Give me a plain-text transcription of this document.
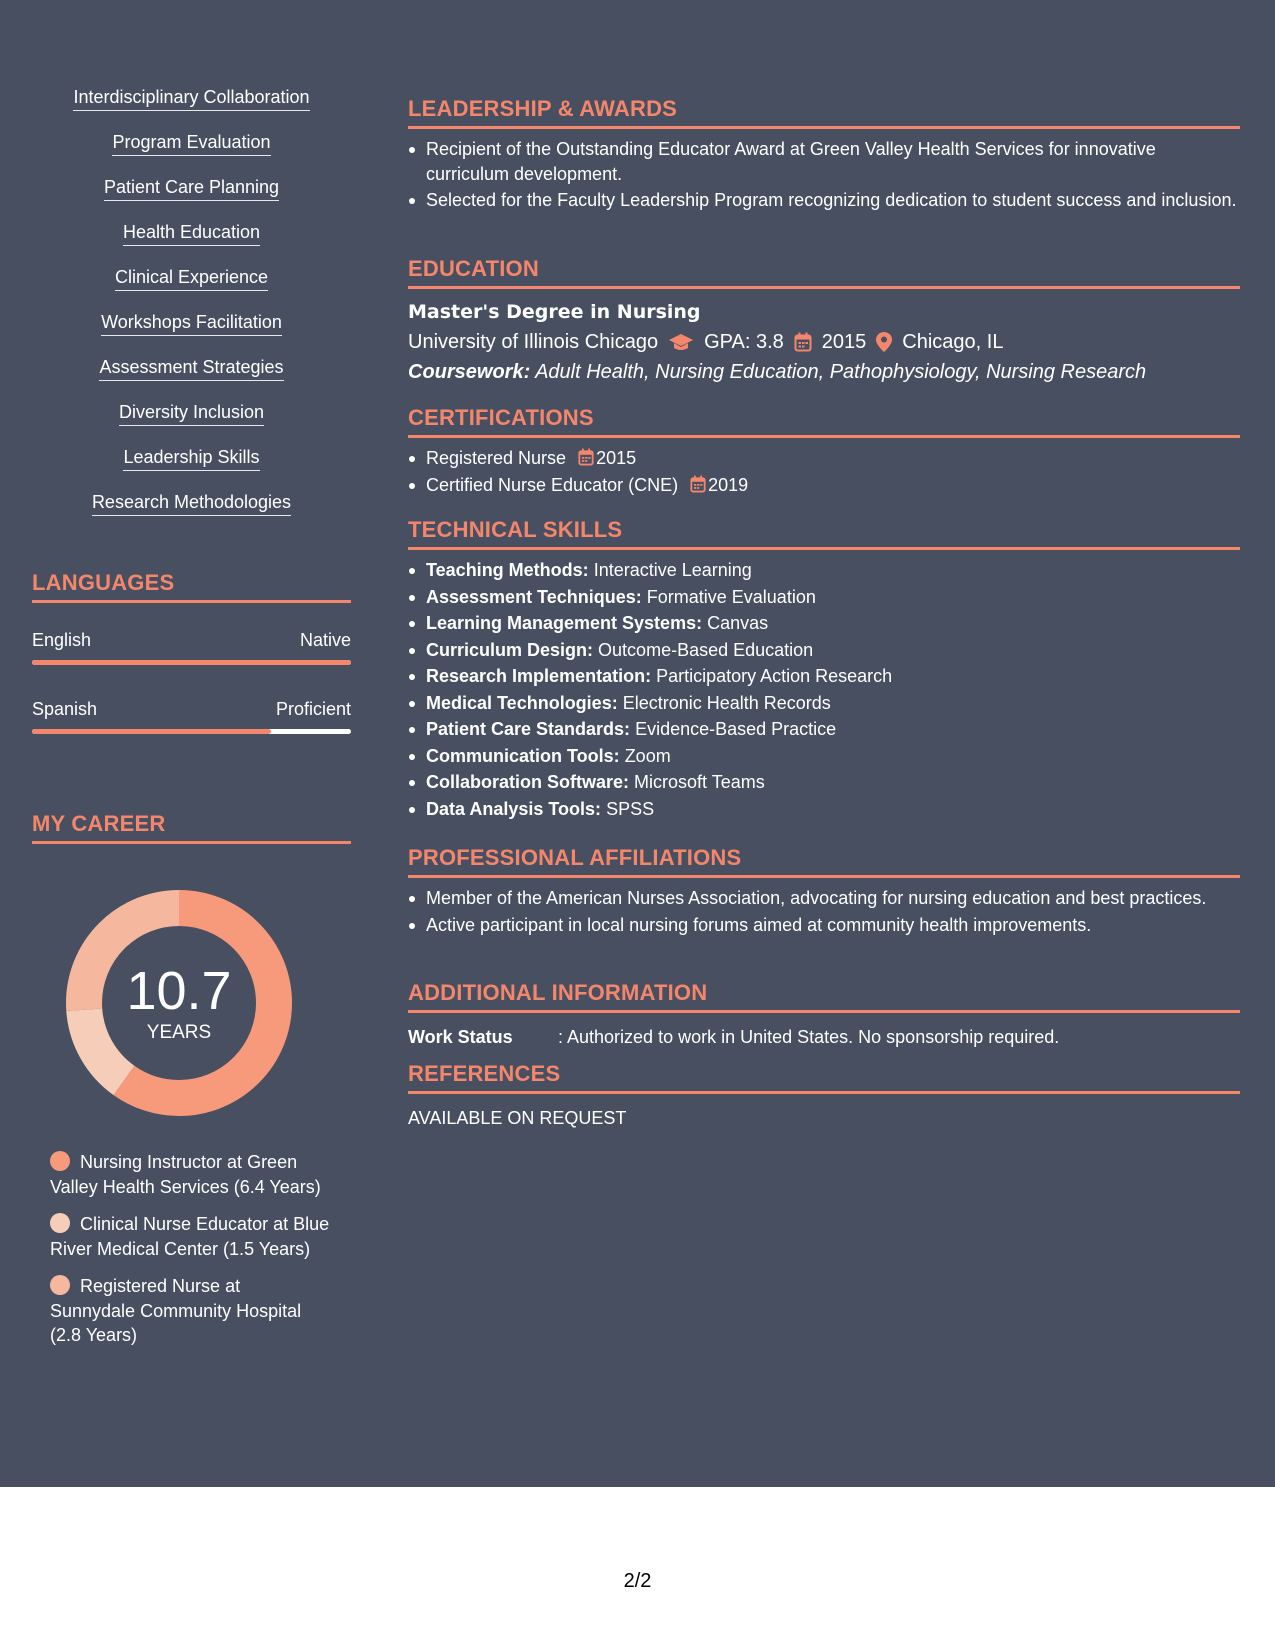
Interdisciplinary Collaboration
Program Evaluation
Patient Care Planning
Health Education
Clinical Experience
Workshops Facilitation
Assessment Strategies
Diversity Inclusion
Leadership Skills
Research Methodologies
LANGUAGES
English	Native
Spanish	Proficient
MY CAREER
10.7
YEARS
Nursing Instructor at Green Valley Health Services (6.4 Years)
Clinical Nurse Educator at Blue River Medical Center (1.5 Years)
Registered Nurse at Sunnydale Community Hospital (2.8 Years)
LEADERSHIP & AWARDS
Recipient of the Outstanding Educator Award at Green Valley Health Services for innovative curriculum development.
Selected for the Faculty Leadership Program recognizing dedication to student success and inclusion.
EDUCATION
Master's Degree in Nursing
University of Illinois Chicago GPA: 3.8 2015 Chicago, IL
Coursework: Adult Health, Nursing Education, Pathophysiology, Nursing Research
CERTIFICATIONS
Registered Nurse 2015
Certified Nurse Educator (CNE) 2019
TECHNICAL SKILLS
Teaching Methods: Interactive Learning
Assessment Techniques: Formative Evaluation
Learning Management Systems: Canvas
Curriculum Design: Outcome-Based Education
Research Implementation: Participatory Action Research
Medical Technologies: Electronic Health Records
Patient Care Standards: Evidence-Based Practice
Communication Tools: Zoom
Collaboration Software: Microsoft Teams
Data Analysis Tools: SPSS
PROFESSIONAL AFFILIATIONS
Member of the American Nurses Association, advocating for nursing education and best practices.
Active participant in local nursing forums aimed at community health improvements.
ADDITIONAL INFORMATION
Work Status	: Authorized to work in United States. No sponsorship required.
REFERENCES
AVAILABLE ON REQUEST
2/2
